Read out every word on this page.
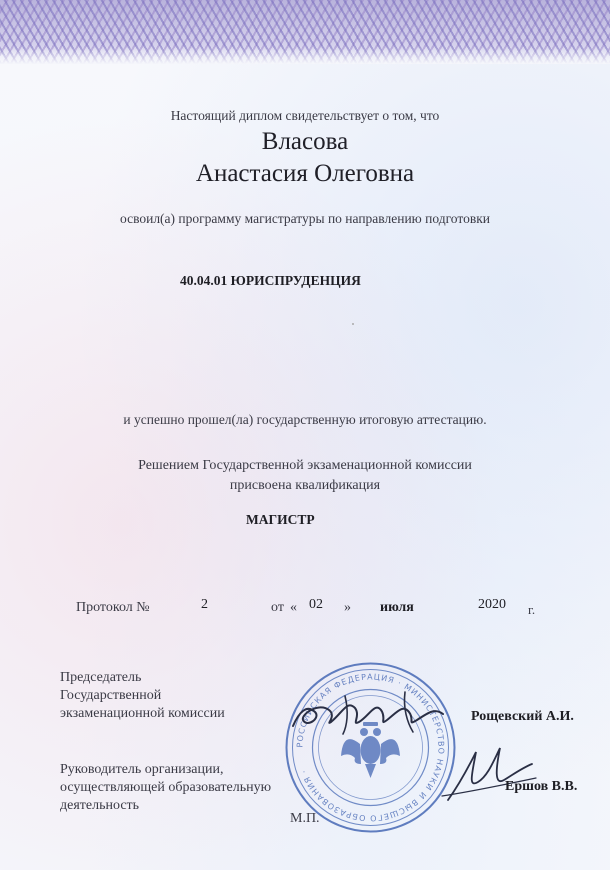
Настоящий диплом свидетельствует о том, что
Власова
Анастасия Олеговна
освоил(а) программу магистратуры по направлению подготовки
40.04.01 ЮРИСПРУДЕНЦИЯ
и успешно прошел(ла) государственную итоговую аттестацию.
Решением Государственной экзаменационной комиссии
присвоена квалификация
МАГИСТР
Протокол №	2	от « 02 » июля	2020 г.
РОССИЙСКАЯ ФЕДЕРАЦИЯ · МИНИСТЕРСТВО НАУКИ И ВЫСШЕГО ОБРАЗОВАНИЯ ·
Председатель
Государственной
экзаменационной комиссии	Рощевский А.И.
Руководитель организации,
осуществляющей образовательную
деятельность
Ершов В.В.
М.П.
